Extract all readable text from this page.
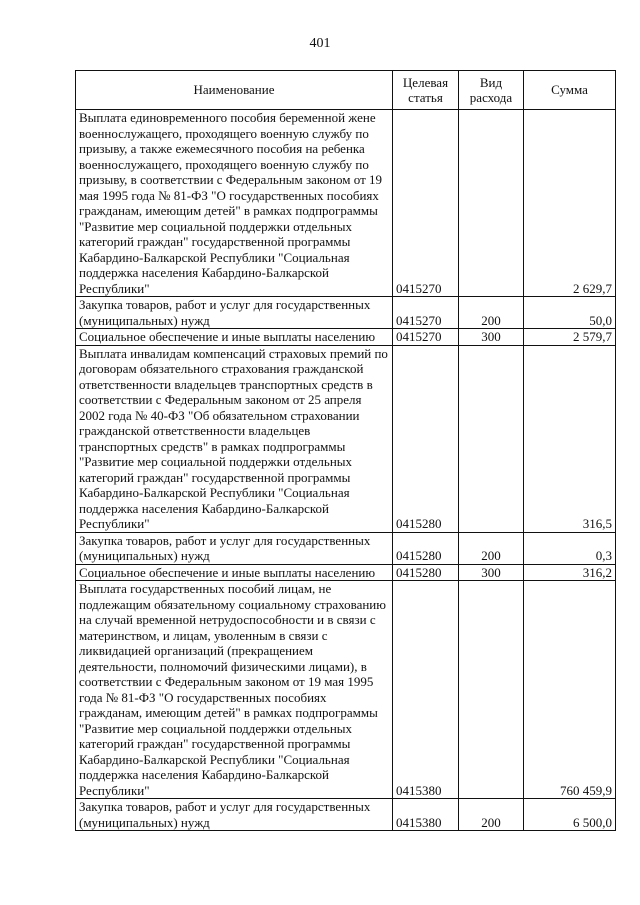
401
Наименование	Целевая статья	Вид расхода	Сумма
Выплата единовременного пособия беременной жене военнослужащего, проходящего военную службу по призыву, а также ежемесячного пособия на ребенка военнослужащего, проходящего военную службу по призыву, в соответствии с Федеральным законом от 19 мая 1995 года № 81-ФЗ "О государственных пособиях гражданам, имеющим детей" в рамках подпрограммы "Развитие мер социальной поддержки отдельных категорий граждан" государственной программы Кабардино-Балкарской Республики "Социальная поддержка населения Кабардино-Балкарской Республики"	0415270		2 629,7
Закупка товаров, работ и услуг для государственных (муниципальных) нужд	0415270	200	50,0
Социальное обеспечение и иные выплаты населению	0415270	300	2 579,7
Выплата инвалидам компенсаций страховых премий по договорам обязательного страхования гражданской ответственности владельцев транспортных средств в соответствии с Федеральным законом от 25 апреля 2002 года № 40-ФЗ "Об обязательном страховании гражданской ответственности владельцев транспортных средств" в рамках подпрограммы "Развитие мер социальной поддержки отдельных категорий граждан" государственной программы Кабардино-Балкарской Республики "Социальная поддержка населения Кабардино-Балкарской Республики"	0415280		316,5
Закупка товаров, работ и услуг для государственных (муниципальных) нужд	0415280	200	0,3
Социальное обеспечение и иные выплаты населению	0415280	300	316,2
Выплата государственных пособий лицам, не подлежащим обязательному социальному страхованию на случай временной нетрудоспособности и в связи с материнством, и лицам, уволенным в связи с ликвидацией организаций (прекращением деятельности, полномочий физическими лицами), в соответствии с Федеральным законом от 19 мая 1995 года № 81-ФЗ "О государственных пособиях гражданам, имеющим детей" в рамках подпрограммы "Развитие мер социальной поддержки отдельных категорий граждан" государственной программы Кабардино-Балкарской Республики "Социальная поддержка населения Кабардино-Балкарской Республики"	0415380		760 459,9
Закупка товаров, работ и услуг для государственных (муниципальных) нужд	0415380	200	6 500,0
